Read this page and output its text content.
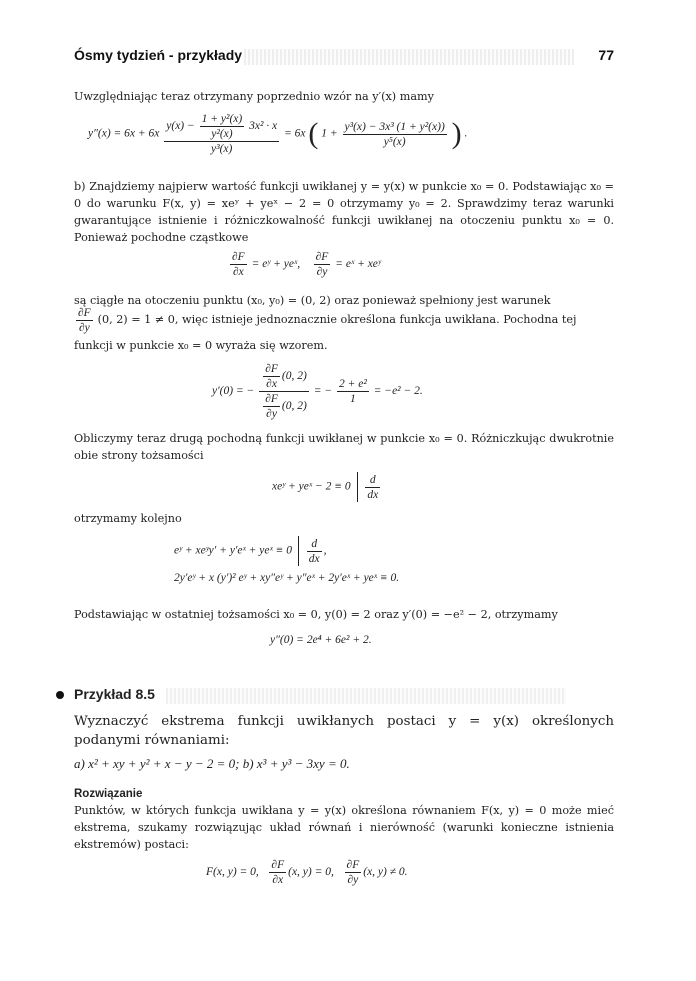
Ósmy tydzień - przykłady	77
Uwzględniając teraz otrzymany poprzednio wzór na y′(x) mamy
y″(x) = 6x + 6x
$y(x) - \frac{\text{1 + y²(x)}}{\text{y²(x)}} 3x^2 \cdot x$
y³(x)
= 6x ( $1 + \frac{\text{y³(x) − 3x³ (1 + y²(x))}}{\text{y⁵(x)}}$ ) .
b) Znajdziemy najpierw wartość funkcji uwikłanej y = y(x) w punkcie x₀ = 0. Podstawiając x₀ = 0 do warunku F(x, y) = xeʸ + yeˣ − 2 = 0 otrzymamy y₀ = 2. Sprawdzimy teraz warunki gwarantujące istnienie i różniczkowalność funkcji uwikłanej na otoczeniu punktu x₀ = 0. Ponieważ pochodne cząstkowe
$\frac{\partial F}{\partial x}$ = eʸ + yeˣ, $\frac{\partial F}{\partial y}$ = eˣ + xeʸ
są ciągłe na otoczeniu punktu (x₀, y₀) = (0, 2) oraz ponieważ spełniony jest warunek
$\frac{\partial F}{\partial y} (0$, 2) = 1 ≠ 0, więc istnieje jednoznacznie określona funkcja uwikłana. Pochodna tej
funkcji w punkcie x₀ = 0 wyraża się wzorem.
y′(0) = − $\frac{\frac{\partial F}{\partial x} (0, 2)}{\frac{\partial F}{\partial y} (0, 2)}$ = − $\frac{\text{2 + e²}}{1} = -e^2 - 2$.
Obliczymy teraz drugą pochodną funkcji uwikłanej w punkcie x₀ = 0. Różniczkując dwukrotnie obie strony tożsamości
xeʸ + yeˣ − $2 \equiv 0 \frac{d}{dx}$
otrzymamy kolejno
eʸ + xeʸy′ + y′eˣ + yeˣ ≡ $0 \frac{d}{dx}$ ,
2y′eʸ + x (y′)² eʸ + xy″eʸ + y″eˣ + 2y′eˣ + yeˣ ≡ 0.
Podstawiając w ostatniej tożsamości x₀ = 0, y(0) = 2 oraz y′(0) = −e² − 2, otrzymamy
y″(0) = 2e⁴ + 6e² + 2.
Przykład 8.5
Wyznaczyć ekstrema funkcji uwikłanych postaci y = y(x) określonych podanymi równaniami:
a) x² + xy + y² + x − y − 2 = 0; b) x³ + y³ − 3xy = 0.
Rozwiązanie
Punktów, w których funkcja uwikłana y = y(x) określona równaniem F(x, y) = 0 może mieć ekstrema, szukamy rozwiązując układ równań i nierówność (warunki konieczne istnienia ekstremów) postaci:
F(x, y) = 0, $\frac{\partial F}{\partial x} (x$, y) = 0, $\frac{\partial F}{\partial y} (x$, y) ≠ 0.
